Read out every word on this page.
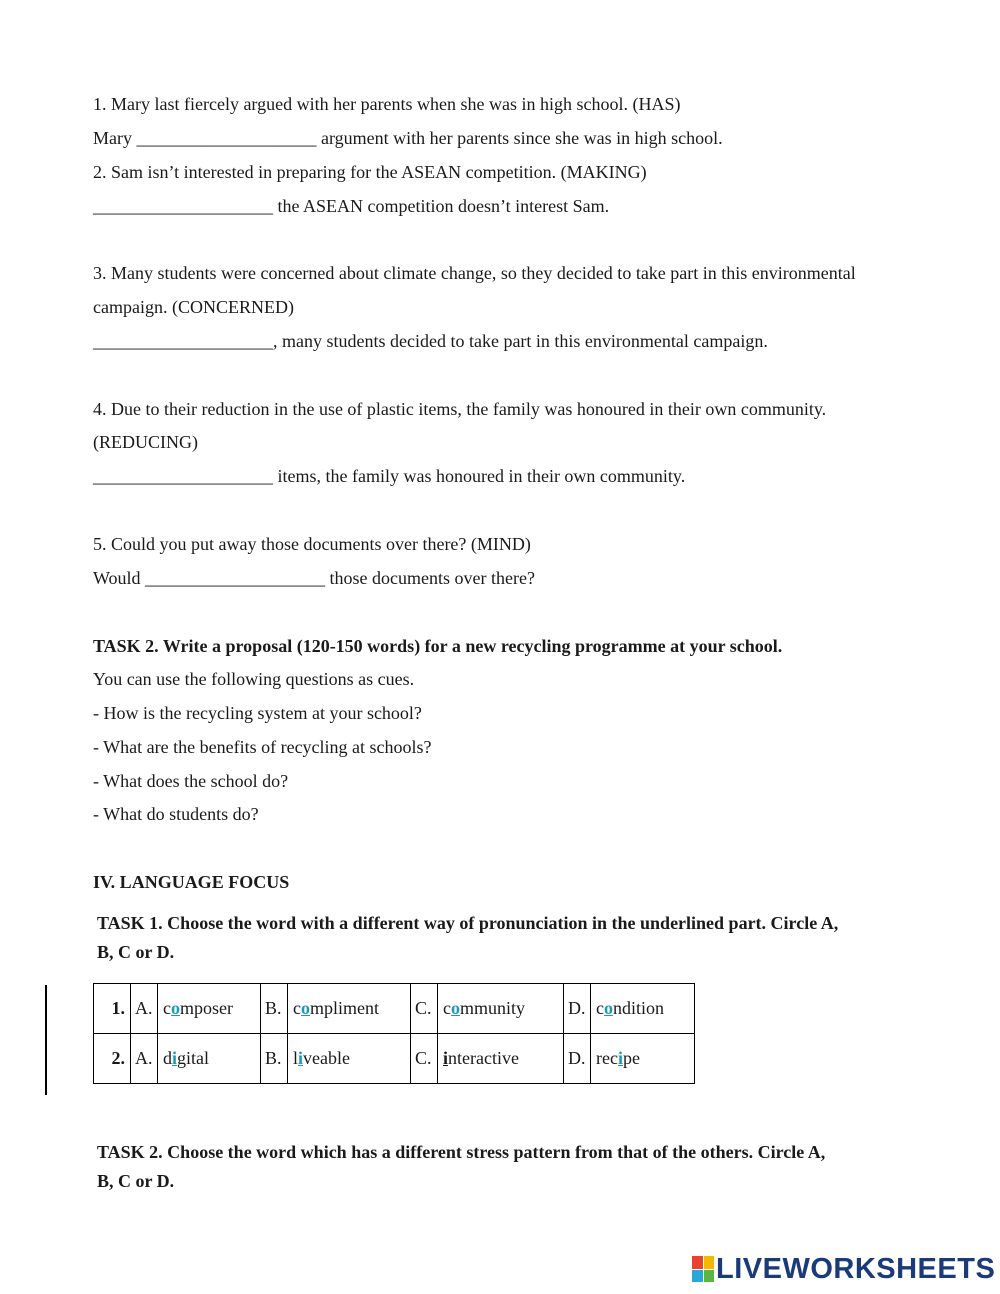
1. Mary last fiercely argued with her parents when she was in high school. (HAS)
Mary ____________________ argument with her parents since she was in high school.
2. Sam isn’t interested in preparing for the ASEAN competition. (MAKING)
____________________ the ASEAN competition doesn’t interest Sam.
3. Many students were concerned about climate change, so they decided to take part in this environmental
campaign. (CONCERNED)
____________________, many students decided to take part in this environmental campaign.
4. Due to their reduction in the use of plastic items, the family was honoured in their own community.
(REDUCING)
____________________ items, the family was honoured in their own community.
5. Could you put away those documents over there? (MIND)
Would ____________________ those documents over there?
TASK 2. Write a proposal (120-150 words) for a new recycling programme at your school.
You can use the following questions as cues.
- How is the recycling system at your school?
- What are the benefits of recycling at schools?
- What does the school do?
- What do students do?
IV. LANGUAGE FOCUS
TASK 1. Choose the word with a different way of pronunciation in the underlined part. Circle A,
B, C or D.
1.	A.	composer	B.	compliment	C.	community	D.	condition
2.	A.	digital	B.	liveable	C.	interactive	D.	recipe
TASK 2. Choose the word which has a different stress pattern from that of the others. Circle A,
B, C or D.
LIVEWORKSHEETS
